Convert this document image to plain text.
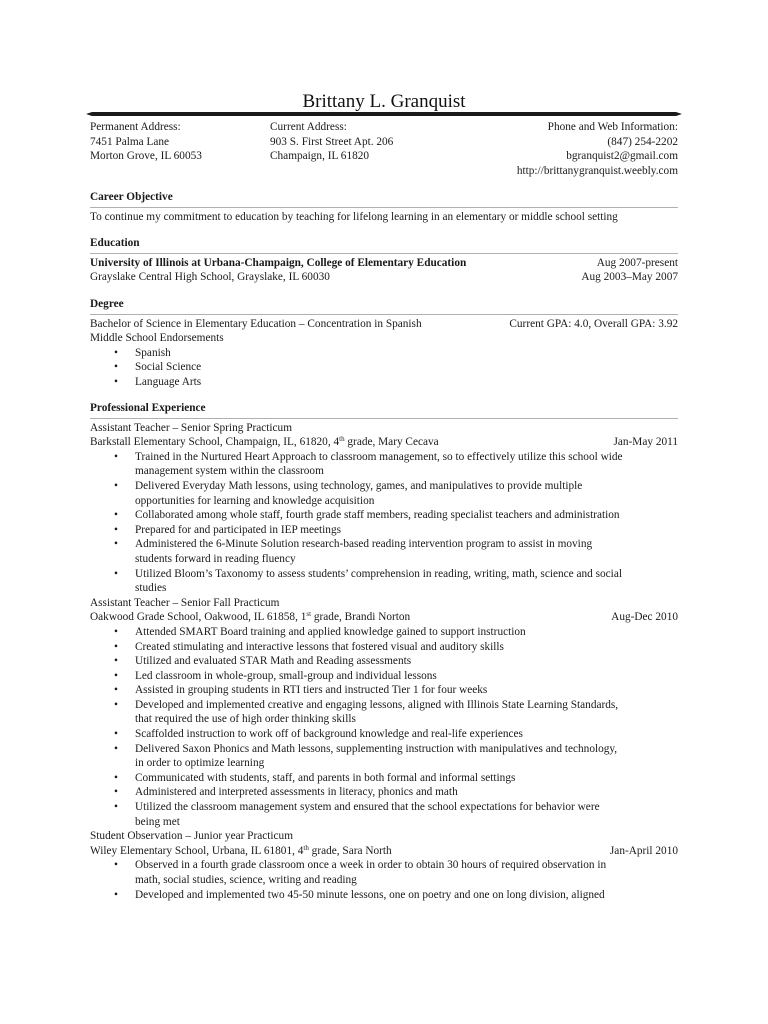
Brittany L. Granquist
Permanent Address:
7451 Palma Lane
Morton Grove, IL 60053
Current Address:
903 S. First Street Apt. 206
Champaign, IL 61820
Phone and Web Information:
(847) 254-2202
bgranquist2@gmail.com
http://brittanygranquist.weebly.com
Career Objective
To continue my commitment to education by teaching for lifelong learning in an elementary or middle school setting
Education
University of Illinois at Urbana-Champaign, College of Elementary Education	Aug 2007-present
Grayslake Central High School, Grayslake, IL 60030	Aug 2003–May 2007
Degree
Bachelor of Science in Elementary Education – Concentration in Spanish	Current GPA: 4.0, Overall GPA: 3.92
Middle School Endorsements
• Spanish
• Social Science
• Language Arts
Professional Experience
Assistant Teacher – Senior Spring Practicum
Barkstall Elementary School, Champaign, IL, 61820, 4th grade, Mary Cecava	Jan-May 2011
• Trained in the Nurtured Heart Approach to classroom management, so to effectively utilize this school wide
management system within the classroom
• Delivered Everyday Math lessons, using technology, games, and manipulatives to provide multiple
opportunities for learning and knowledge acquisition
• Collaborated among whole staff, fourth grade staff members, reading specialist teachers and administration
• Prepared for and participated in IEP meetings
• Administered the 6-Minute Solution research-based reading intervention program to assist in moving
students forward in reading fluency
• Utilized Bloom’s Taxonomy to assess students’ comprehension in reading, writing, math, science and social
studies
Assistant Teacher – Senior Fall Practicum
Oakwood Grade School, Oakwood, IL 61858, 1st grade, Brandi Norton	Aug-Dec 2010
• Attended SMART Board training and applied knowledge gained to support instruction
• Created stimulating and interactive lessons that fostered visual and auditory skills
• Utilized and evaluated STAR Math and Reading assessments
• Led classroom in whole-group, small-group and individual lessons
• Assisted in grouping students in RTI tiers and instructed Tier 1 for four weeks
• Developed and implemented creative and engaging lessons, aligned with Illinois State Learning Standards,
that required the use of high order thinking skills
• Scaffolded instruction to work off of background knowledge and real-life experiences
• Delivered Saxon Phonics and Math lessons, supplementing instruction with manipulatives and technology,
in order to optimize learning
• Communicated with students, staff, and parents in both formal and informal settings
• Administered and interpreted assessments in literacy, phonics and math
• Utilized the classroom management system and ensured that the school expectations for behavior were
being met
Student Observation – Junior year Practicum
Wiley Elementary School, Urbana, IL 61801, 4th grade, Sara North	Jan-April 2010
• Observed in a fourth grade classroom once a week in order to obtain 30 hours of required observation in
math, social studies, science, writing and reading
• Developed and implemented two 45-50 minute lessons, one on poetry and one on long division, aligned
